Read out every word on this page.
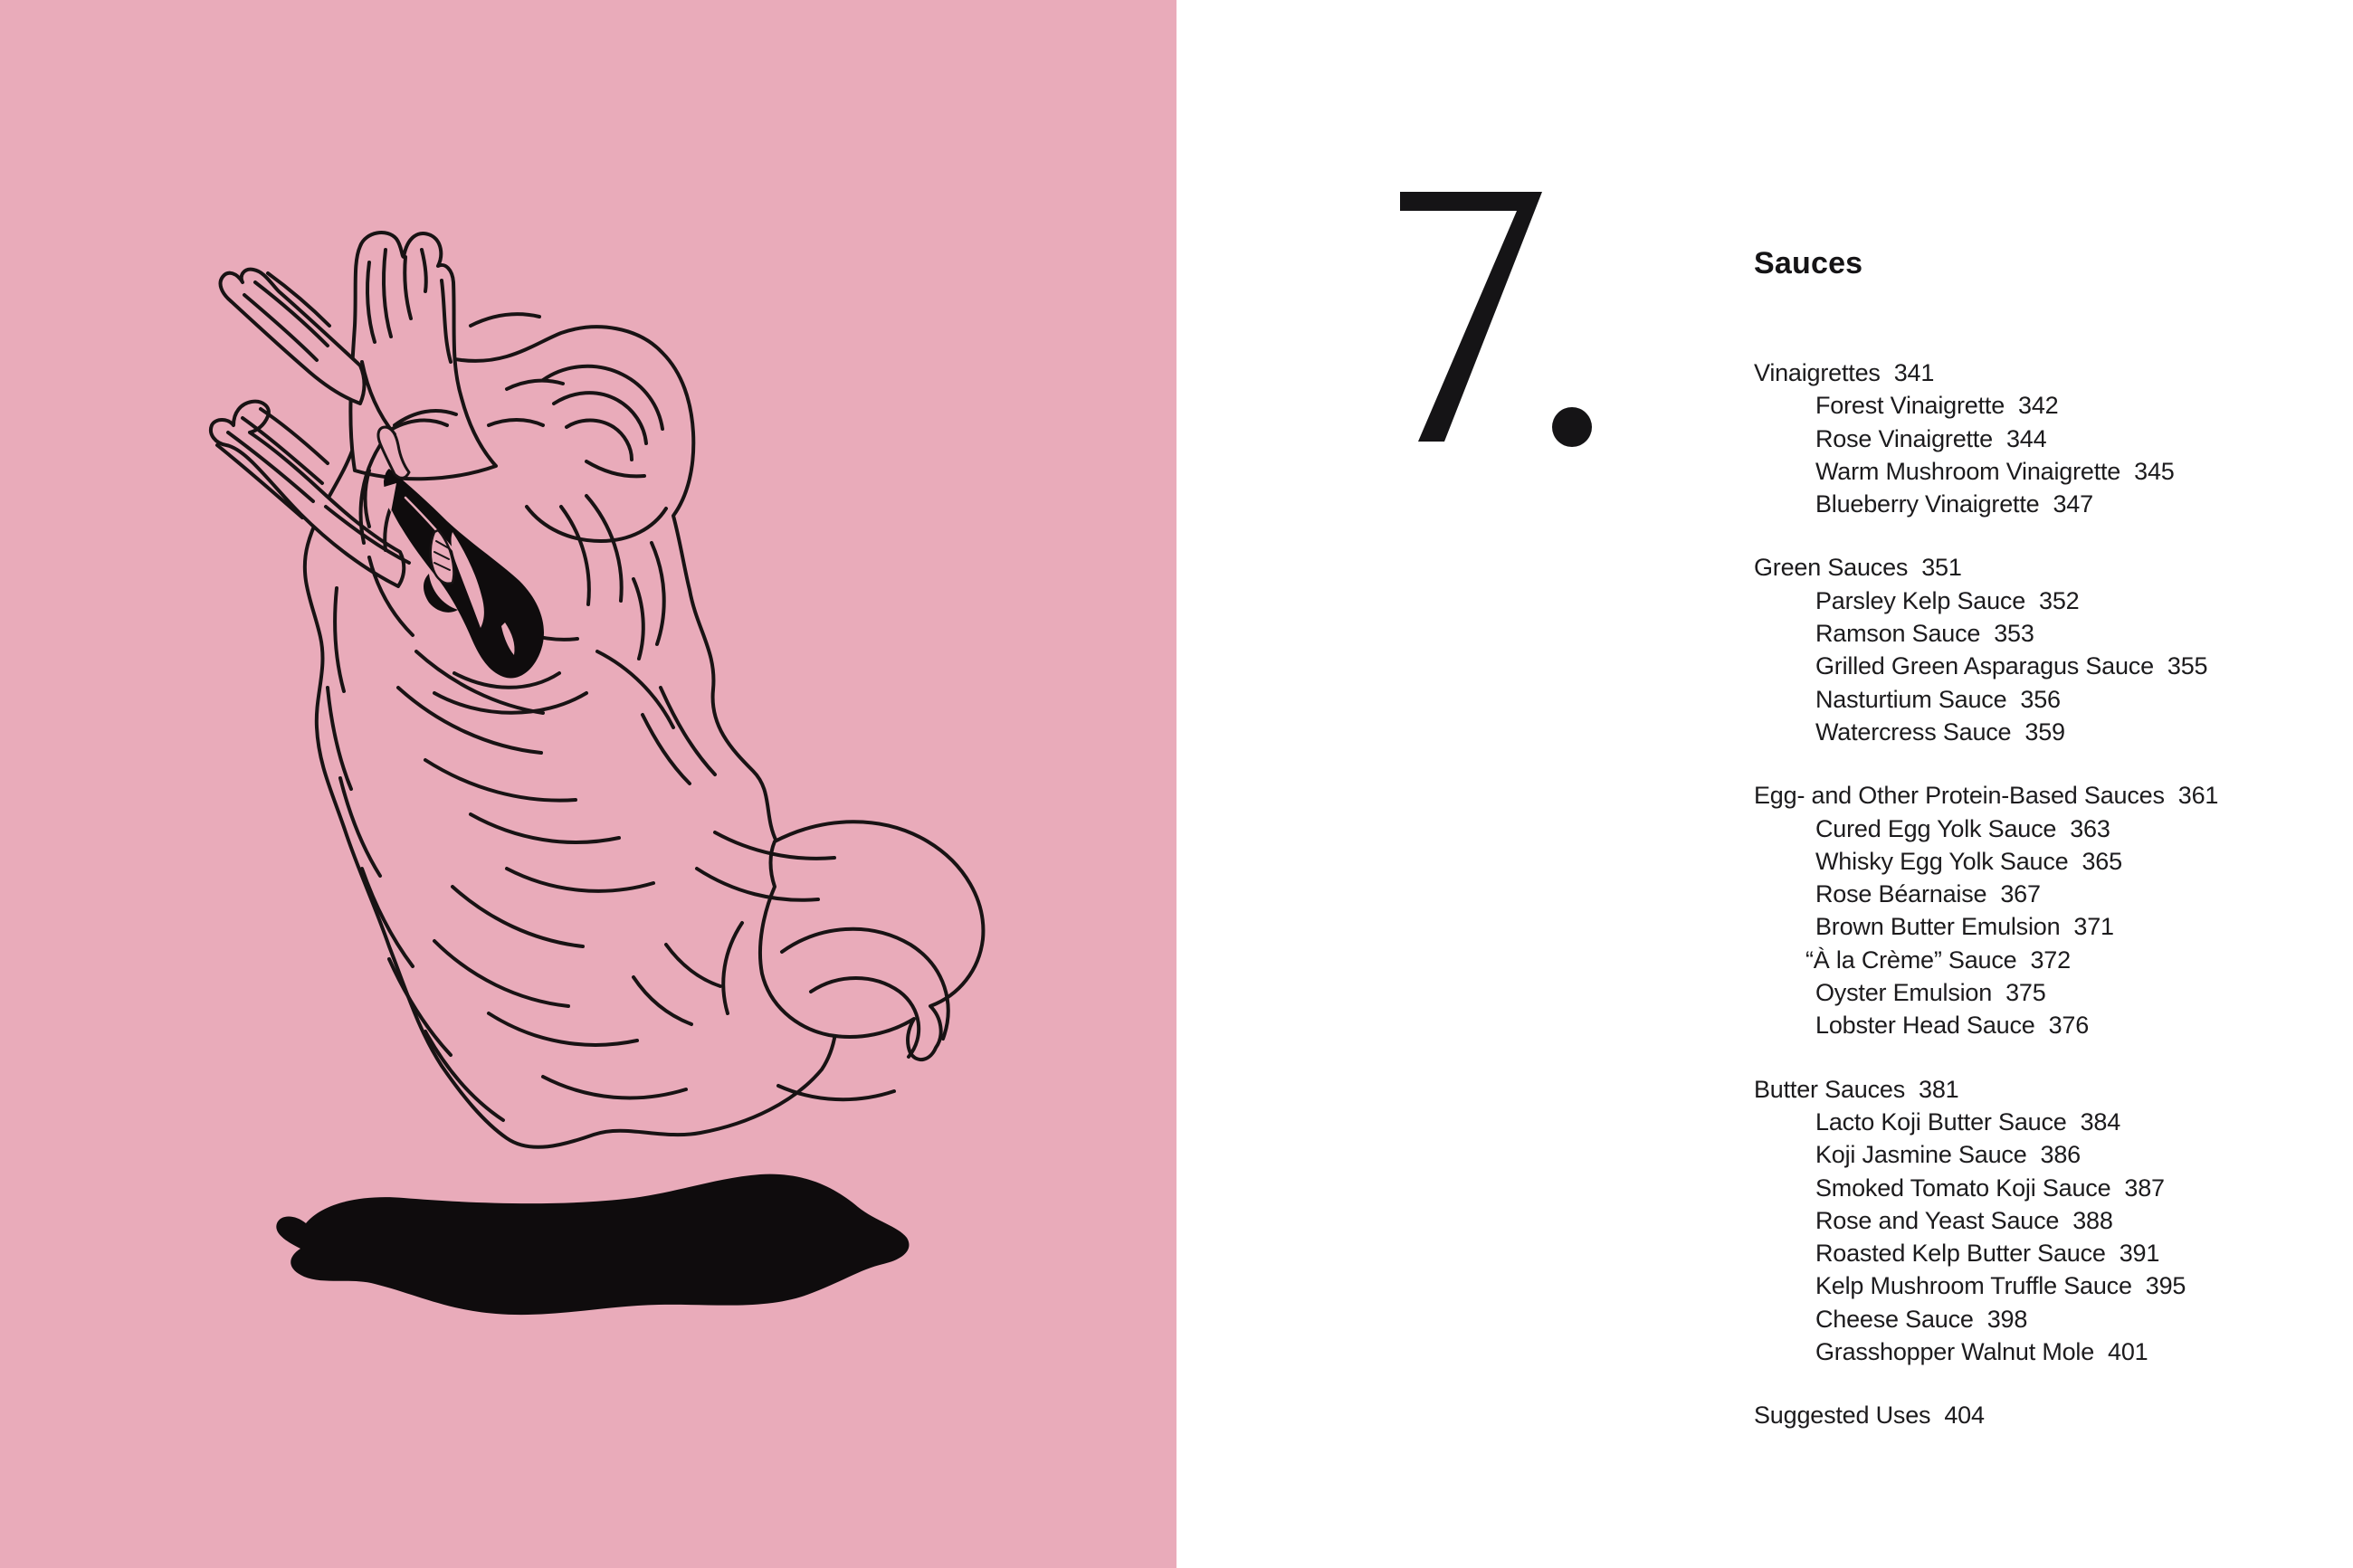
Sauces
Vinaigrettes 341
Forest Vinaigrette 342
Rose Vinaigrette 344
Warm Mushroom Vinaigrette 345
Blueberry Vinaigrette 347
Green Sauces 351
Parsley Kelp Sauce 352
Ramson Sauce 353
Grilled Green Asparagus Sauce 355
Nasturtium Sauce 356
Watercress Sauce 359
Egg- and Other Protein-Based Sauces 361
Cured Egg Yolk Sauce 363
Whisky Egg Yolk Sauce 365
Rose Béarnaise 367
Brown Butter Emulsion 371
“À la Crème” Sauce 372
Oyster Emulsion 375
Lobster Head Sauce 376
Butter Sauces 381
Lacto Koji Butter Sauce 384
Koji Jasmine Sauce 386
Smoked Tomato Koji Sauce 387
Rose and Yeast Sauce 388
Roasted Kelp Butter Sauce 391
Kelp Mushroom Truffle Sauce 395
Cheese Sauce 398
Grasshopper Walnut Mole 401
Suggested Uses 404
